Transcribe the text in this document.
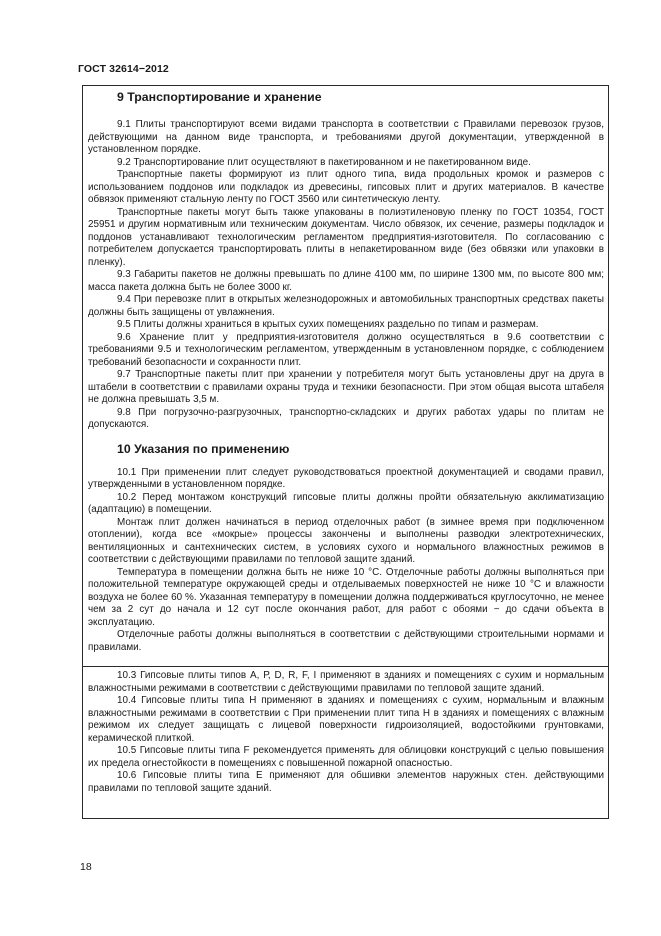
ГОСТ 32614−2012
9 Транспортирование и хранение

9.1 Плиты транспортируют всеми видами транспорта в соответствии с Правилами перевозок грузов, действующими на данном виде транспорта, и требованиями другой документации, утвержденной в установленном порядке.

9.2 Транспортирование плит осуществляют в пакетированном и не пакетированном виде.

Транспортные пакеты формируют из плит одного типа, вида продольных кромок и размеров с использованием поддонов или подкладок из древесины, гипсовых плит и других материалов. В качестве обвязок применяют стальную ленту по ГОСТ 3560 или синтетическую ленту.

Транспортные пакеты могут быть также упакованы в полиэтиленовую пленку по ГОСТ 10354, ГОСТ 25951 и другим нормативным или техническим документам. Число обвязок, их сечение, размеры подкладок и поддонов устанавливают технологическим регламентом предприятия-изготовителя. По согласованию с потребителем допускается транспортировать плиты в непакетированном виде (без обвязки или упаковки в пленку).

9.3 Габариты пакетов не должны превышать по длине 4100 мм, по ширине 1300 мм, по высоте 800 мм; масса пакета должна быть не более 3000 кг.

9.4 При перевозке плит в открытых железнодорожных и автомобильных транспортных средствах пакеты должны быть защищены от увлажнения.

9.5 Плиты должны храниться в крытых сухих помещениях раздельно по типам и размерам.

9.6 Хранение плит у предприятия-изготовителя должно осуществляться в 9.6 соответствии с требованиями 9.5 и технологическим регламентом, утвержденным в установленном порядке, с соблюдением требований безопасности и сохранности плит.

9.7 Транспортные пакеты плит при хранении у потребителя могут быть установлены друг на друга в штабели в соответствии с правилами охраны труда и техники безопасности. При этом общая высота штабеля не должна превышать 3,5 м.

9.8 При погрузочно-разгрузочных, транспортно-складских и других работах удары по плитам не допускаются.

10 Указания по применению

10.1 При применении плит следует руководствоваться проектной документацией и сводами правил, утвержденными в установленном порядке.

10.2 Перед монтажом конструкций гипсовые плиты должны пройти обязательную акклиматизацию (адаптацию) в помещении.

Монтаж плит должен начинаться в период отделочных работ (в зимнее время при подключенном отоплении), когда все «мокрые» процессы закончены и выполнены разводки электротехнических, вентиляционных и сантехнических систем, в условиях сухого и нормального влажностных режимов в соответствии с действующими правилами по тепловой защите зданий.

Температура в помещении должна быть не ниже 10 °С. Отделочные работы должны выполняться при положительной температуре окружающей среды и отделываемых поверхностей не ниже 10 °С и влажности воздуха не более 60 %. Указанная температуру в помещении должна поддерживаться круглосуточно, не менее чем за 2 сут до начала и 12 сут после окончания работ, для работ с обоями − до сдачи объекта в эксплуатацию.

Отделочные работы должны выполняться в соответствии с действующими строительными нормами и правилами.

10.3 Гипсовые плиты типов А, Р, D, R, F, I применяют в зданиях и помещениях с сухим и нормальным влажностными режимами в соответствии с действующими правилами по тепловой защите зданий.

10.4 Гипсовые плиты типа H применяют в зданиях и помещениях с сухим, нормальным и влажным влажностными режимами в соответствии с При применении плит типа H в зданиях и помещениях с влажным режимом их следует защищать с лицевой поверхности гидроизоляцией, водостойкими грунтовками, керамической плиткой.

10.5 Гипсовые плиты типа F рекомендуется применять для облицовки конструкций с целью повышения их предела огнестойкости в помещениях с повышенной пожарной опасностью.

10.6 Гипсовые плиты типа Е применяют для обшивки элементов наружных стен. действующими правилами по тепловой защите зданий.

18
